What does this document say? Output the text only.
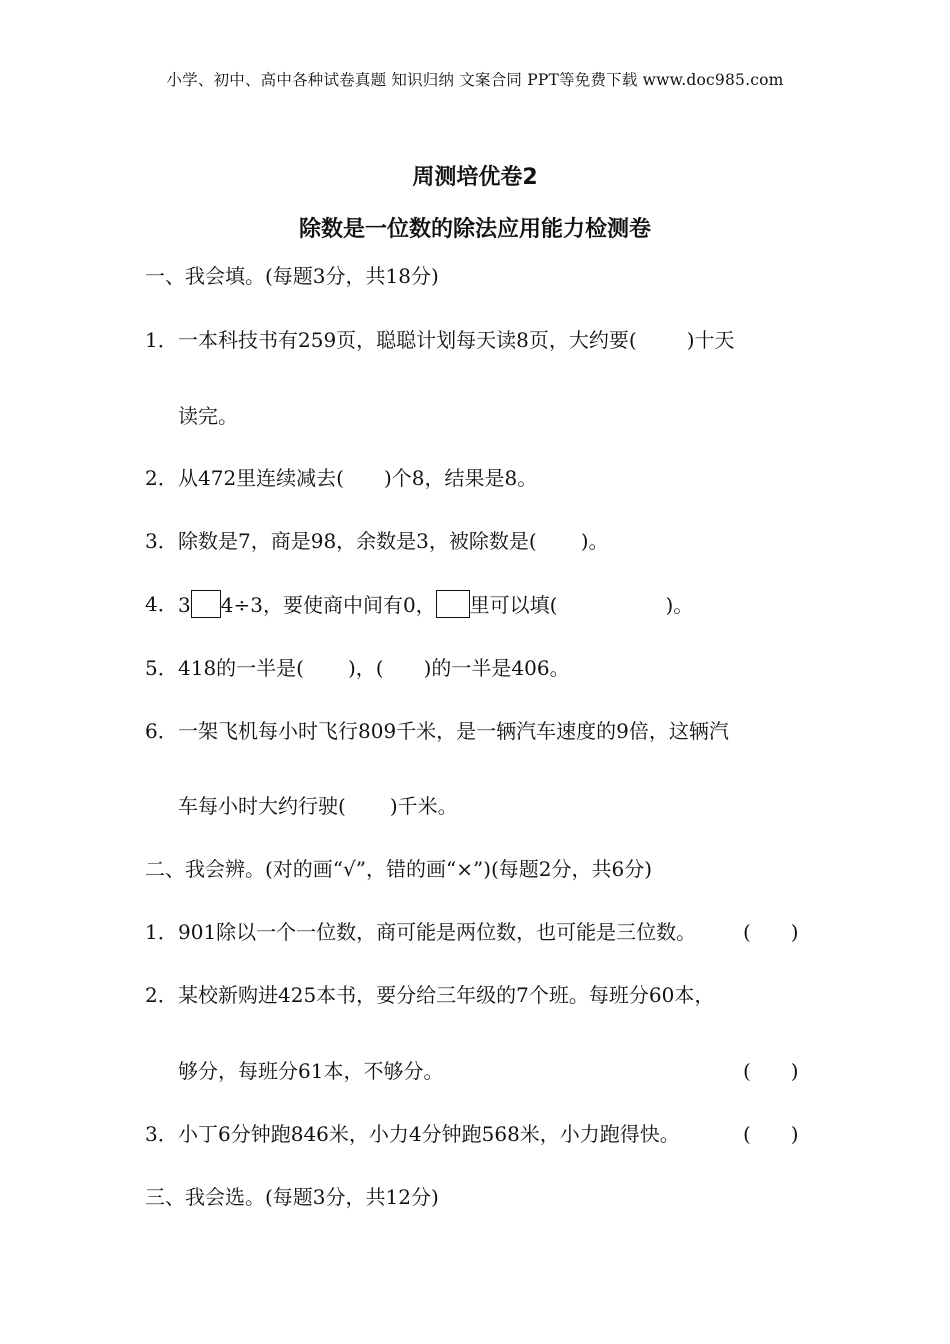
小学、初中、高中各种试卷真题 知识归纳 文案合同 PPT等免费下载 www.doc985.com
周测培优卷2
除数是一位数的除法应用能力检测卷
一、我会填。(每题3分，共18分)
1． 一本科技书有259页，聪聪计划每天读8页，大约要(	)十天
读完。
2． 从472里连续减去( )个8，结果是8。
3． 除数是7，商是98，余数是3，被除数是( )。
4． 3 4÷3，要使商中间有0， 里可以填(	)。
5． 418的一半是( )，( )的一半是406。
6． 一架飞机每小时飞行809千米，是一辆汽车速度的9倍，这辆汽
车每小时大约行驶( )千米。
二、我会辨。(对的画“√”，错的画“×”)(每题2分，共6分)
1． 901除以一个一位数，商可能是两位数，也可能是三位数。 (　　)
2． 某校新购进425本书，要分给三年级的7个班。每班分60本，
够分，每班分61本，不够分。	(　　)
3． 小丁6分钟跑846米，小力4分钟跑568米，小力跑得快。	(　　)
三、我会选。(每题3分，共12分)
